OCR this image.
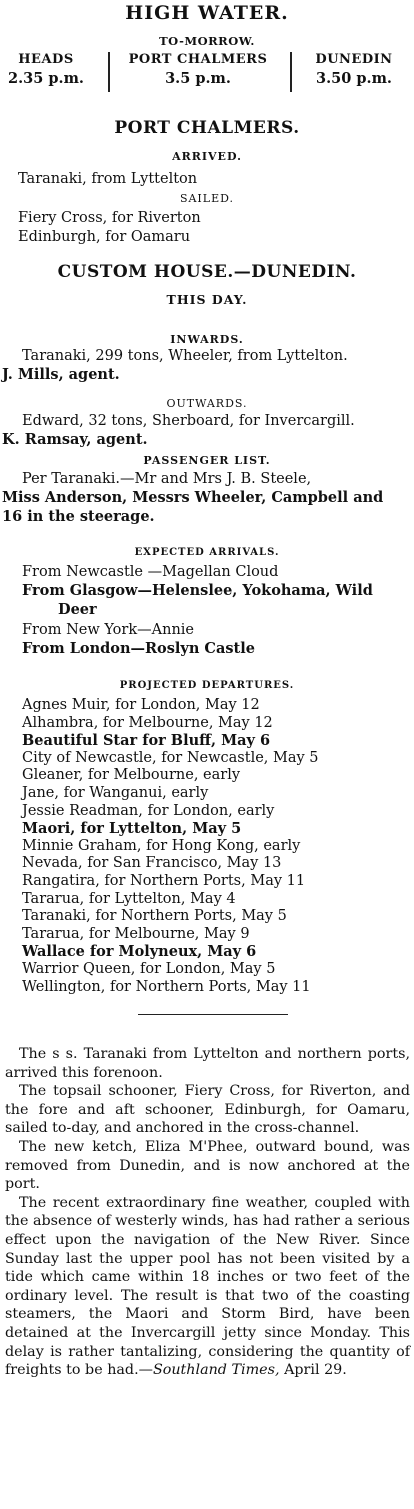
HIGH WATER.
TO-MORROW.
HEADS
2.35 p.m.
PORT CHALMERS
3.5 p.m.
DUNEDIN
3.50 p.m.
PORT CHALMERS.
ARRIVED.
Taranaki, from Lyttelton
SAILED.
Fiery Cross, for Riverton
Edinburgh, for Oamaru
CUSTOM HOUSE.—DUNEDIN.
THIS DAY.
INWARDS.
Taranaki, 299 tons, Wheeler, from Lyttelton.
J. Mills, agent.
OUTWARDS.
Edward, 32 tons, Sherboard, for Invercargill.
K. Ramsay, agent.
PASSENGER LIST.
Per Taranaki.—Mr and Mrs J. B. Steele,
Miss Anderson, Messrs Wheeler, Campbell and
16 in the steerage.
EXPECTED ARRIVALS.
From Newcastle —Magellan Cloud
From Glasgow—Helenslee, Yokohama, Wild
Deer
From New York—Annie
From London—Roslyn Castle
PROJECTED DEPARTURES.
Agnes Muir, for London, May 12
Alhambra, for Melbourne, May 12
Beautiful Star for Bluff, May 6
City of Newcastle, for Newcastle, May 5
Gleaner, for Melbourne, early
Jane, for Wanganui, early
Jessie Readman, for London, early
Maori, for Lyttelton, May 5
Minnie Graham, for Hong Kong, early
Nevada, for San Francisco, May 13
Rangatira, for Northern Ports, May 11
Tararua, for Lyttelton, May 4
Taranaki, for Northern Ports, May 5
Tararua, for Melbourne, May 9
Wallace for Molyneux, May 6
Warrior Queen, for London, May 5
Wellington, for Northern Ports, May 11

The s s. Taranaki from Lyttelton and northern ports, arrived this forenoon.

The topsail schooner, Fiery Cross, for Riverton, and the fore and aft schooner, Edinburgh, for Oamaru, sailed to-day, and anchored in the cross-channel.

The new ketch, Eliza M'Phee, outward bound, was removed from Dunedin, and is now anchored at the port.

The recent extraordinary fine weather, coupled with the absence of westerly winds, has had rather a serious effect upon the navigation of the New River. Since Sunday last the upper pool has not been visited by a tide which came within 18 inches or two feet of the ordinary level. The result is that two of the coasting steamers, the Maori and Storm Bird, have been detained at the Invercargill jetty since Monday. This delay is rather tantalizing, considering the quantity of freights to be had.—Southland Times, April 29.
